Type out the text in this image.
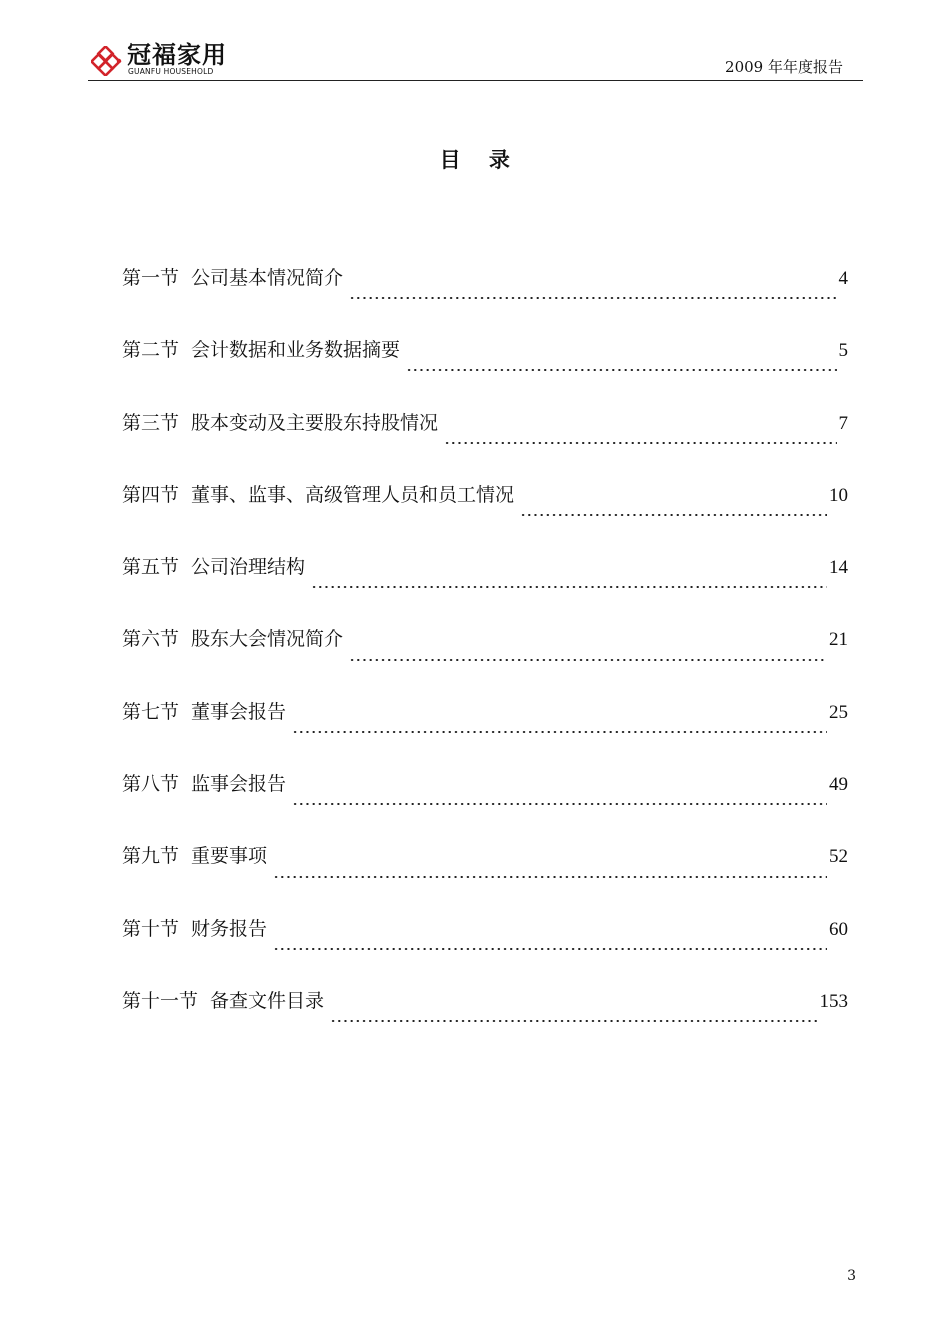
冠福家用
GUANFU HOUSEHOLD	2009 年年度报告
目 录
第一节 公司基本情况简介	4
第二节 会计数据和业务数据摘要	5
第三节 股本变动及主要股东持股情况	7
第四节 董事、监事、高级管理人员和员工情况	10
第五节 公司治理结构	14
第六节 股东大会情况简介	21
第七节 董事会报告	25
第八节 监事会报告	49
第九节 重要事项	52
第十节 财务报告	60
第十一节 备查文件目录	153
3
